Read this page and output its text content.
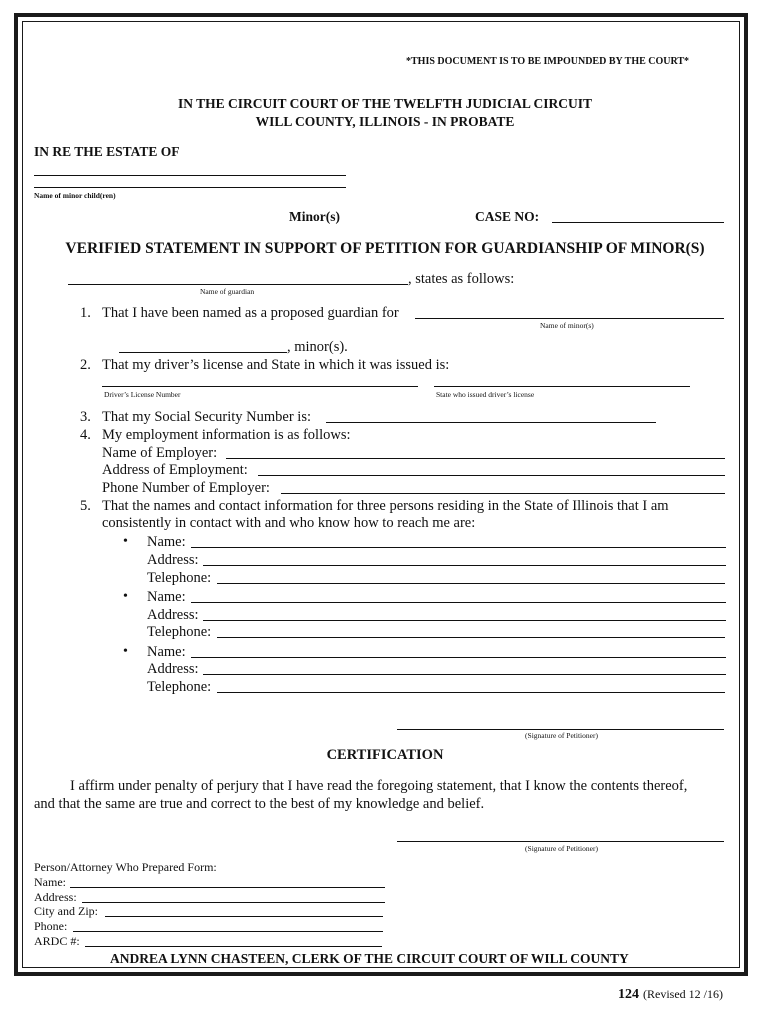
*THIS DOCUMENT IS TO BE IMPOUNDED BY THE COURT*
IN THE CIRCUIT COURT OF THE TWELFTH JUDICIAL CIRCUIT
WILL COUNTY, ILLINOIS - IN PROBATE
IN RE THE ESTATE OF
Name of minor child(ren)
Minor(s)	CASE NO:
VERIFIED STATEMENT IN SUPPORT OF PETITION FOR GUARDIANSHIP OF MINOR(S)
, states as follows:
Name of guardian
1. That I have been named as a proposed guardian for
Name of minor(s)
, minor(s).
2. That my driver’s license and State in which it was issued is:
Driver’s License Number	State who issued driver’s license
3. That my Social Security Number is:
4. My employment information is as follows:
Name of Employer:
Address of Employment:
Phone Number of Employer:
5. That the names and contact information for three persons residing in the State of Illinois that I am
consistently in contact with and who know how to reach me are:
• Name:
Address:
Telephone:
• Name:
Address:
Telephone:
• Name:
Address:
Telephone:
(Signature of Petitioner)
CERTIFICATION
I affirm under penalty of perjury that I have read the foregoing statement, that I know the contents thereof,
and that the same are true and correct to the best of my knowledge and belief.
(Signature of Petitioner)
Person/Attorney Who Prepared Form:
Name:
Address:
City and Zip:
Phone:
ARDC #:
ANDREA LYNN CHASTEEN, CLERK OF THE CIRCUIT COURT OF WILL COUNTY
124 (Revised 12 /16)
